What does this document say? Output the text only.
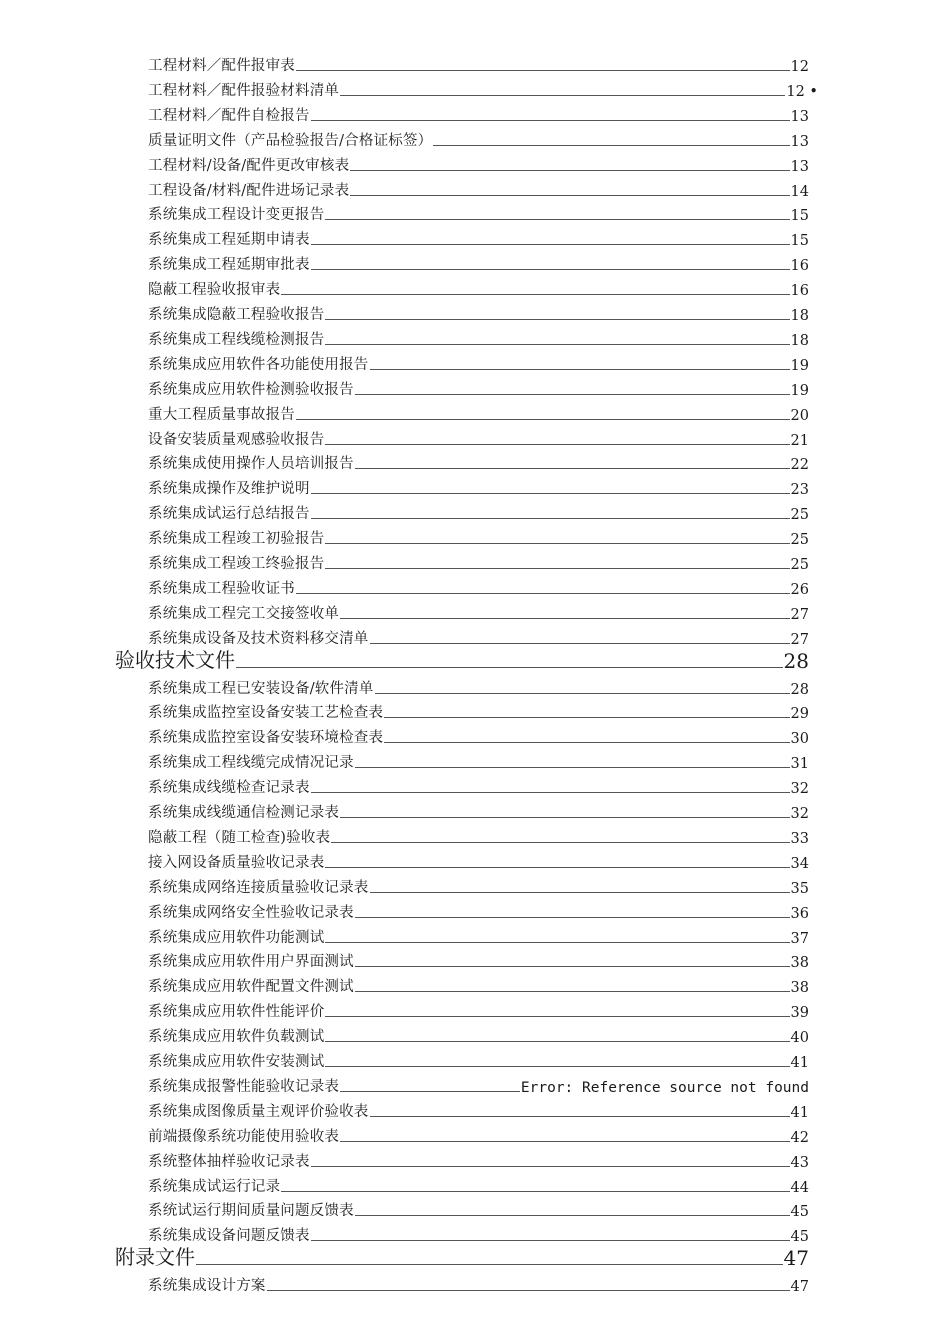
工程材料／配件报审表	12
工程材料／配件报验材料清单	12 •
工程材料／配件自检报告	13
质量证明文件（产品检验报告/合格证标签）	13
工程材料/设备/配件更改审核表	13
工程设备/材料/配件进场记录表	14
系统集成工程设计变更报告	15
系统集成工程延期申请表	15
系统集成工程延期审批表	16
隐蔽工程验收报审表	16
系统集成隐蔽工程验收报告	18
系统集成工程线缆检测报告	18
系统集成应用软件各功能使用报告	19
系统集成应用软件检测验收报告	19
重大工程质量事故报告	20
设备安装质量观感验收报告	21
系统集成使用操作人员培训报告	22
系统集成操作及维护说明	23
系统集成试运行总结报告	25
系统集成工程竣工初验报告	25
系统集成工程竣工终验报告	25
系统集成工程验收证书	26
系统集成工程完工交接签收单	27
系统集成设备及技术资料移交清单	27
验收技术文件	28
系统集成工程已安装设备/软件清单	28
系统集成监控室设备安装工艺检查表	29
系统集成监控室设备安装环境检查表	30
系统集成工程线缆完成情况记录	31
系统集成线缆检查记录表	32
系统集成线缆通信检测记录表	32
隐蔽工程（随工检查)验收表	33
接入网设备质量验收记录表	34
系统集成网络连接质量验收记录表	35
系统集成网络安全性验收记录表	36
系统集成应用软件功能测试	37
系统集成应用软件用户界面测试	38
系统集成应用软件配置文件测试	38
系统集成应用软件性能评价	39
系统集成应用软件负载测试	40
系统集成应用软件安装测试	41
系统集成报警性能验收记录表	Error: Reference source not found
系统集成图像质量主观评价验收表	41
前端摄像系统功能使用验收表	42
系统整体抽样验收记录表	43
系统集成试运行记录	44
系统试运行期间质量问题反馈表	45
系统集成设备问题反馈表	45
附录文件	47
系统集成设计方案	47
